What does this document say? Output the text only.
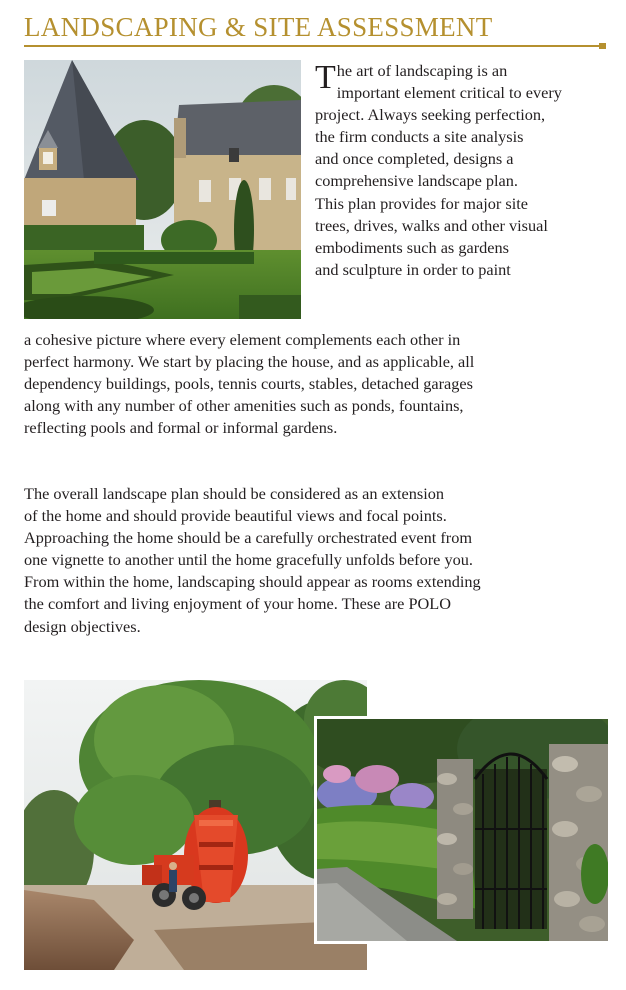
LANDSCAPING & SITE ASSESSMENT

T he art of landscaping is an
important element critical to every
project. Always seeking perfection,
the firm conducts a site analysis
and once completed, designs a
comprehensive landscape plan.
This plan provides for major site
trees, drives, walks and other visual
embodiments such as gardens
and sculpture in order to paint

a cohesive picture where every element complements each other in
perfect harmony. We start by placing the house, and as applicable, all
dependency buildings, pools, tennis courts, stables, detached garages
along with any number of other amenities such as ponds, fountains,
reflecting pools and formal or informal gardens.

The overall landscape plan should be considered as an extension
of the home and should provide beautiful views and focal points.
Approaching the home should be a carefully orchestrated event from
one vignette to another until the home gracefully unfolds before you.
From within the home, landscaping should appear as rooms extending
the comfort and living enjoyment of your home. These are POLO
design objectives.
